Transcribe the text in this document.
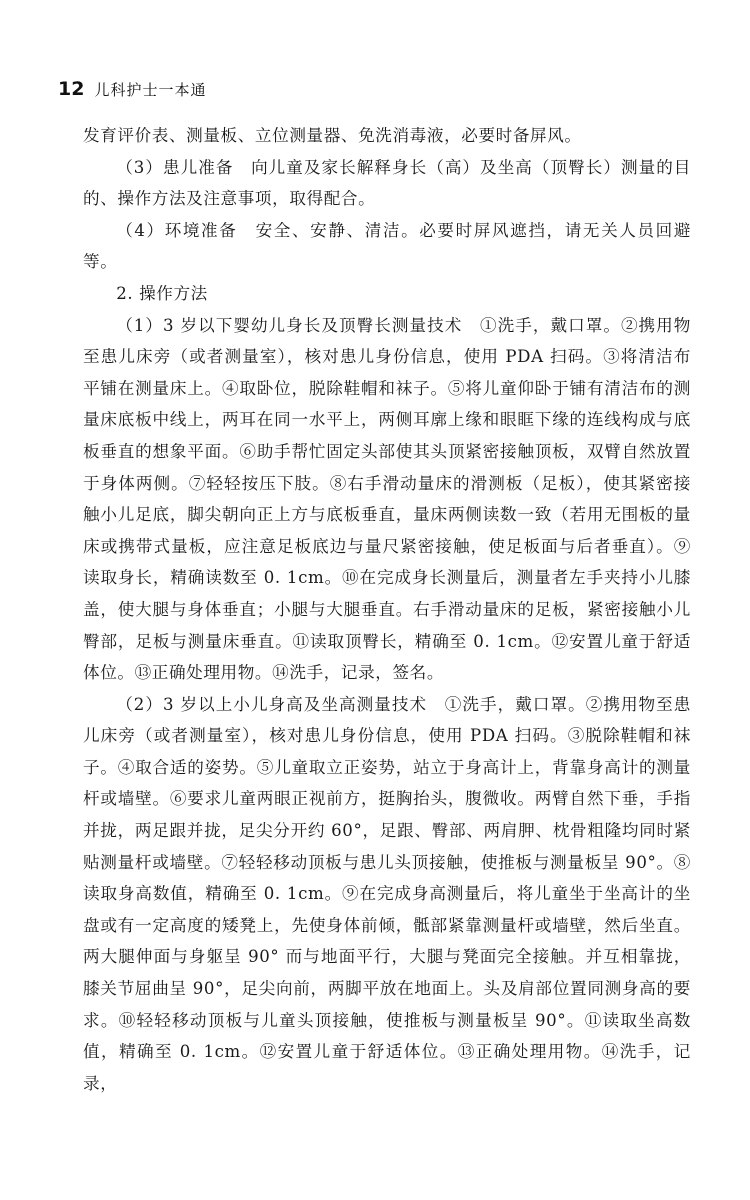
12 儿科护士一本通

发育评价表、测量板、立位测量器、免洗消毒液，必要时备屏风。

（3）患儿准备　向儿童及家长解释身长（高）及坐高（顶臀长）测量的目的、操作方法及注意事项，取得配合。

（4）环境准备　安全、安静、清洁。必要时屏风遮挡，请无关人员回避等。

2. 操作方法

（1）3 岁以下婴幼儿身长及顶臀长测量技术　①洗手，戴口罩。②携用物至患儿床旁（或者测量室），核对患儿身份信息，使用 PDA 扫码。③将清洁布平铺在测量床上。④取卧位，脱除鞋帽和袜子。⑤将儿童仰卧于铺有清洁布的测量床底板中线上，两耳在同一水平上，两侧耳廓上缘和眼眶下缘的连线构成与底板垂直的想象平面。⑥助手帮忙固定头部使其头顶紧密接触顶板，双臂自然放置于身体两侧。⑦轻轻按压下肢。⑧右手滑动量床的滑测板（足板），使其紧密接触小儿足底，脚尖朝向正上方与底板垂直，量床两侧读数一致（若用无围板的量床或携带式量板，应注意足板底边与量尺紧密接触，使足板面与后者垂直）。⑨读取身长，精确读数至 0. 1cm。⑩在完成身长测量后，测量者左手夹持小儿膝盖，使大腿与身体垂直；小腿与大腿垂直。右手滑动量床的足板，紧密接触小儿臀部，足板与测量床垂直。⑪读取顶臀长，精确至 0. 1cm。⑫安置儿童于舒适体位。⑬正确处理用物。⑭洗手，记录，签名。

（2）3 岁以上小儿身高及坐高测量技术　①洗手，戴口罩。②携用物至患儿床旁（或者测量室），核对患儿身份信息，使用 PDA 扫码。③脱除鞋帽和袜子。④取合适的姿势。⑤儿童取立正姿势，站立于身高计上，背靠身高计的测量杆或墙壁。⑥要求儿童两眼正视前方，挺胸抬头，腹微收。两臂自然下垂，手指并拢，两足跟并拢，足尖分开约 60°，足跟、臀部、两肩胛、枕骨粗隆均同时紧贴测量杆或墙壁。⑦轻轻移动顶板与患儿头顶接触，使推板与测量板呈 90°。⑧读取身高数值，精确至 0. 1cm。⑨在完成身高测量后，将儿童坐于坐高计的坐盘或有一定高度的矮凳上，先使身体前倾，骶部紧靠测量杆或墙壁，然后坐直。两大腿伸面与身躯呈 90° 而与地面平行，大腿与凳面完全接触。并互相靠拢，膝关节屈曲呈 90°，足尖向前，两脚平放在地面上。头及肩部位置同测身高的要求。⑩轻轻移动顶板与儿童头顶接触，使推板与测量板呈 90°。⑪读取坐高数值，精确至 0. 1cm。⑫安置儿童于舒适体位。⑬正确处理用物。⑭洗手，记录，
